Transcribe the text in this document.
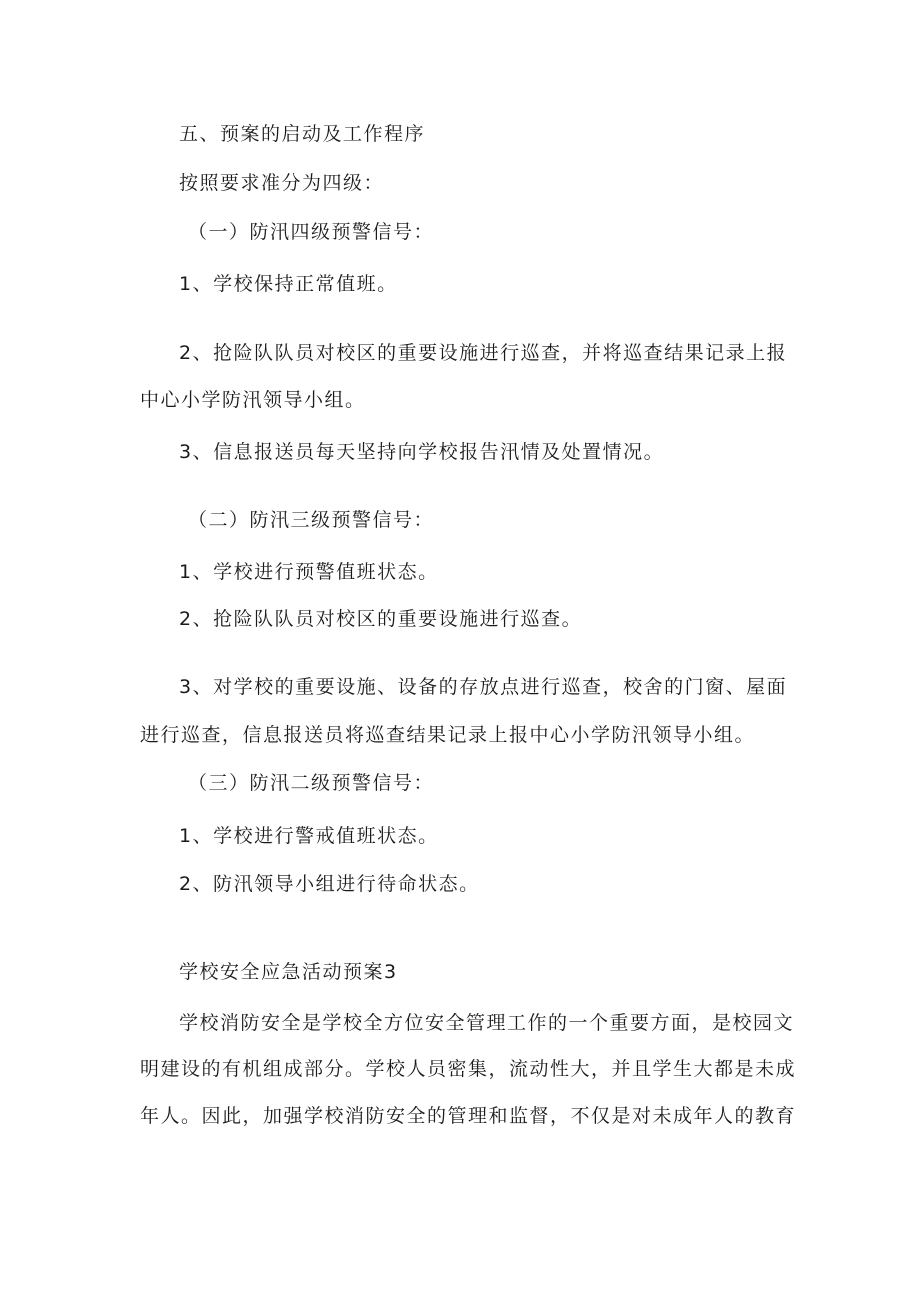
五、预案的启动及工作程序
按照要求准分为四级：
（一）防汛四级预警信号：
1、学校保持正常值班。
2、抢险队队员对校区的重要设施进行巡查，并将巡查结果记录上报
中心小学防汛领导小组。
3、信息报送员每天坚持向学校报告汛情及处置情况。
（二）防汛三级预警信号：
1、学校进行预警值班状态。
2、抢险队队员对校区的重要设施进行巡查。
3、对学校的重要设施、设备的存放点进行巡查，校舍的门窗、屋面
进行巡查，信息报送员将巡查结果记录上报中心小学防汛领导小组。
（三）防汛二级预警信号：
1、学校进行警戒值班状态。
2、防汛领导小组进行待命状态。
学校安全应急活动预案3
学校消防安全是学校全方位安全管理工作的一个重要方面，是校园文
明建设的有机组成部分。学校人员密集，流动性大，并且学生大都是未成
年人。因此，加强学校消防安全的管理和监督，不仅是对未成年人的教育
